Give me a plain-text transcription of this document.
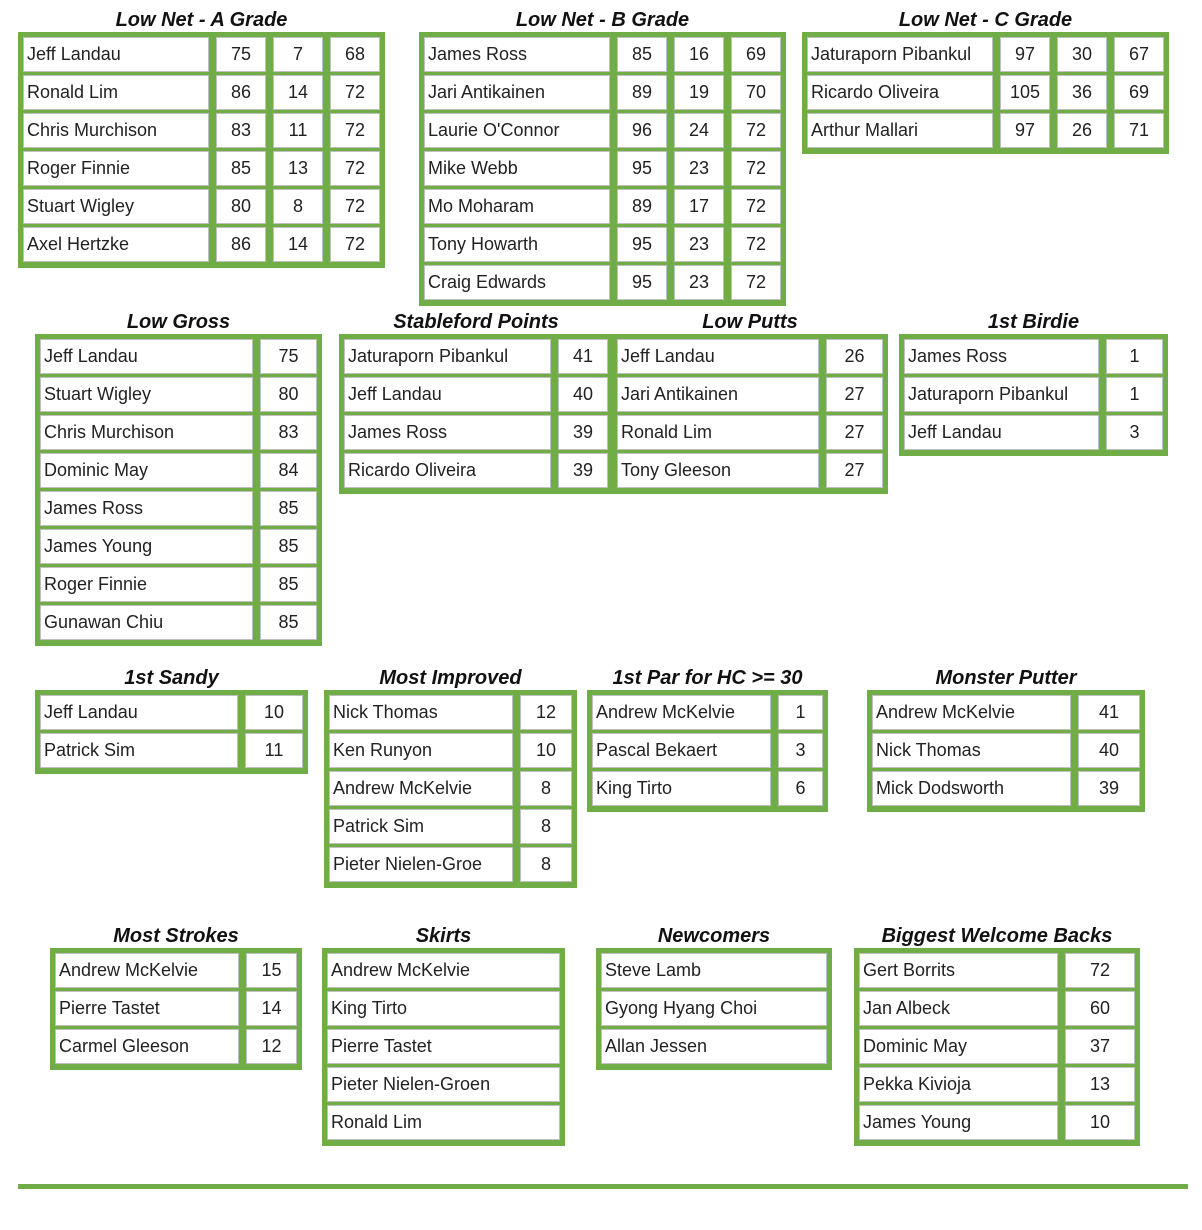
Low Net - A Grade
Jeff Landau	75	7	68
Ronald Lim	86	14	72
Chris Murchison	83	11	72
Roger Finnie	85	13	72
Stuart Wigley	80	8	72
Axel Hertzke	86	14	72
Low Net - B Grade
James Ross	85	16	69
Jari Antikainen	89	19	70
Laurie O'Connor	96	24	72
Mike Webb	95	23	72
Mo Moharam	89	17	72
Tony Howarth	95	23	72
Craig Edwards	95	23	72
Low Net - C Grade
Jaturaporn Pibankul	97	30	67
Ricardo Oliveira	105	36	69
Arthur Mallari	97	26	71
Low Gross
Jeff Landau	75
Stuart Wigley	80
Chris Murchison	83
Dominic May	84
James Ross	85
James Young	85
Roger Finnie	85
Gunawan Chiu	85
Stableford Points
Jaturaporn Pibankul	41
Jeff Landau	40
James Ross	39
Ricardo Oliveira	39
Low Putts
Jeff Landau	26
Jari Antikainen	27
Ronald Lim	27
Tony Gleeson	27
1st Birdie
James Ross	1
Jaturaporn Pibankul	1
Jeff Landau	3
1st Sandy
Jeff Landau	10
Patrick Sim	11
Most Improved
Nick Thomas	12
Ken Runyon	10
Andrew McKelvie	8
Patrick Sim	8
Pieter Nielen-Groe	8
1st Par for HC >= 30
Andrew McKelvie	1
Pascal Bekaert	3
King Tirto	6
Monster Putter
Andrew McKelvie	41
Nick Thomas	40
Mick Dodsworth	39
Most Strokes
Andrew McKelvie	15
Pierre Tastet	14
Carmel Gleeson	12
Skirts
Andrew McKelvie
King Tirto
Pierre Tastet
Pieter Nielen-Groen
Ronald Lim
Newcomers
Steve Lamb
Gyong Hyang Choi
Allan Jessen
Biggest Welcome Backs
Gert Borrits	72
Jan Albeck	60
Dominic May	37
Pekka Kivioja	13
James Young	10
